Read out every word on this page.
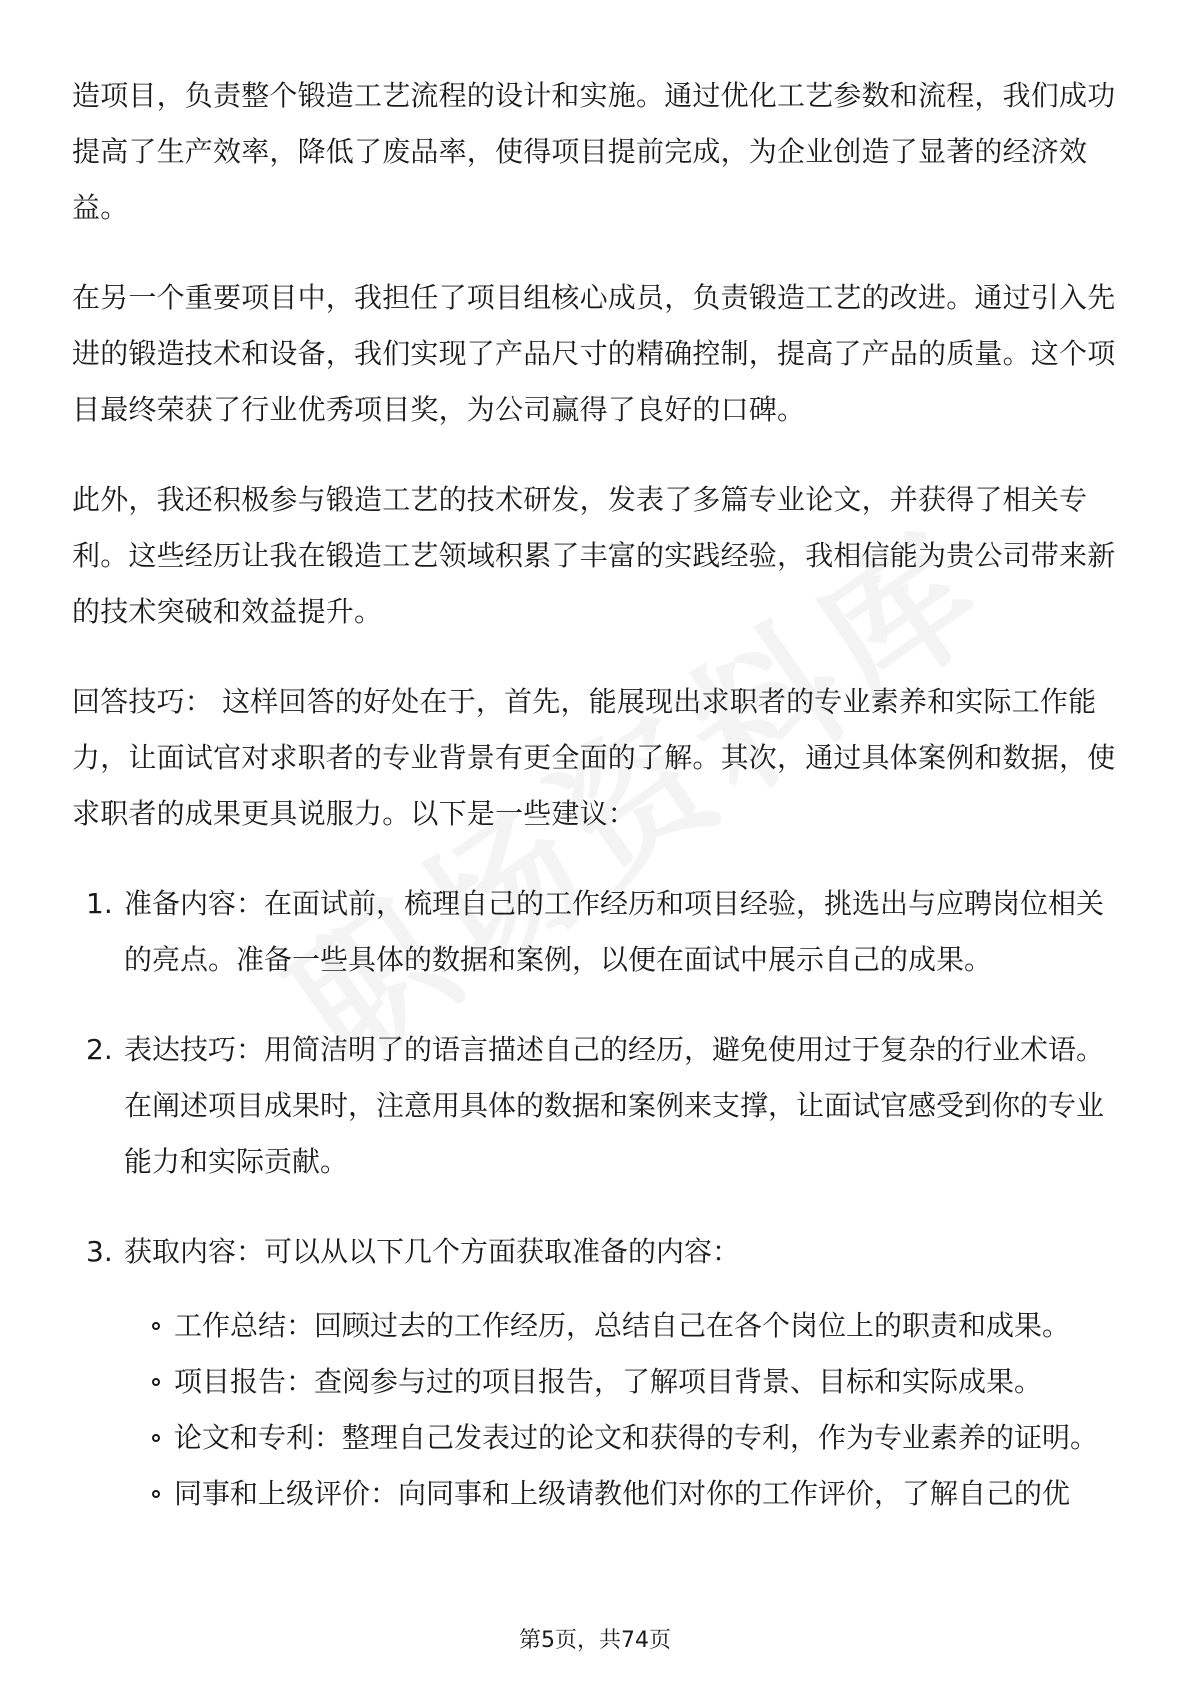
造项目，负责整个锻造工艺流程的设计和实施。通过优化工艺参数和流程，我们成功提高了生产效率，降低了废品率，使得项目提前完成，为企业创造了显著的经济效益。

在另一个重要项目中，我担任了项目组核心成员，负责锻造工艺的改进。通过引入先进的锻造技术和设备，我们实现了产品尺寸的精确控制，提高了产品的质量。这个项目最终荣获了行业优秀项目奖，为公司赢得了良好的口碑。

此外，我还积极参与锻造工艺的技术研发，发表了多篇专业论文，并获得了相关专利。这些经历让我在锻造工艺领域积累了丰富的实践经验，我相信能为贵公司带来新的技术突破和效益提升。

回答技巧： 这样回答的好处在于，首先，能展现出求职者的专业素养和实际工作能力，让面试官对求职者的专业背景有更全面的了解。其次，通过具体案例和数据，使求职者的成果更具说服力。以下是一些建议：

1. 准备内容：在面试前，梳理自己的工作经历和项目经验，挑选出与应聘岗位相关的亮点。准备一些具体的数据和案例，以便在面试中展示自己的成果。
2. 表达技巧：用简洁明了的语言描述自己的经历，避免使用过于复杂的行业术语。在阐述项目成果时，注意用具体的数据和案例来支撑，让面试官感受到你的专业能力和实际贡献。
3. 获取内容：可以从以下几个方面获取准备的内容：
工作总结：回顾过去的工作经历，总结自己在各个岗位上的职责和成果。
项目报告：查阅参与过的项目报告，了解项目背景、目标和实际成果。
论文和专利：整理自己发表过的论文和获得的专利，作为专业素养的证明。
同事和上级评价：向同事和上级请教他们对你的工作评价，了解自己的优
第5页，共74页
